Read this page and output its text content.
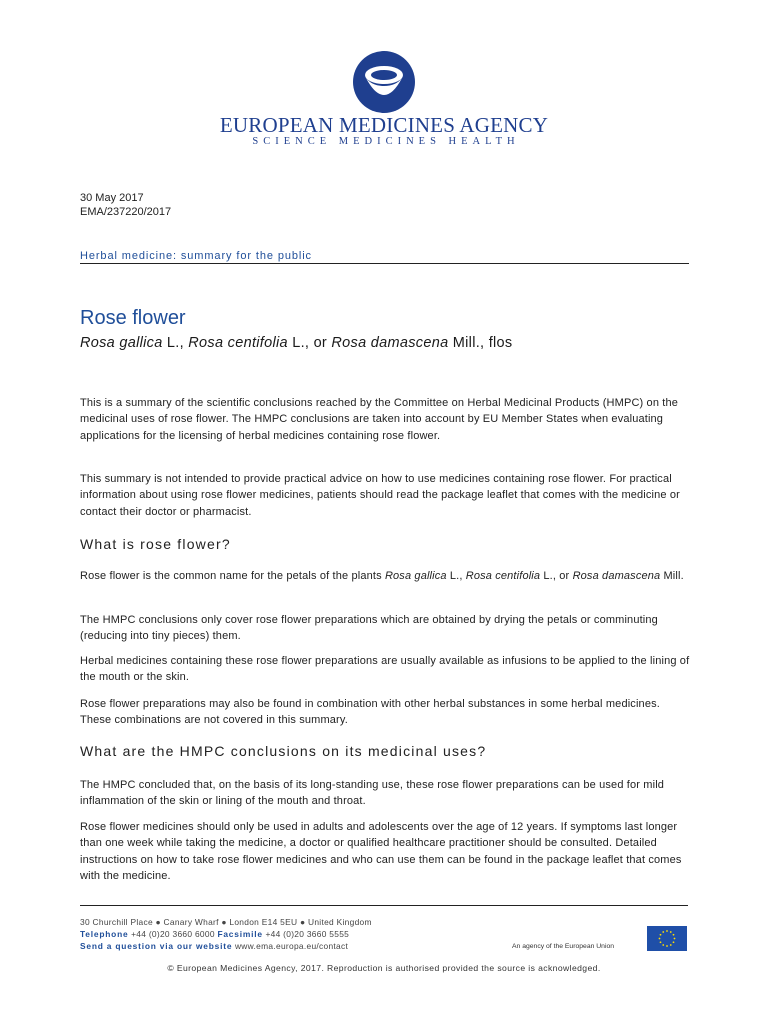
EUROPEAN MEDICINES AGENCY
SCIENCE MEDICINES HEALTH
30 May 2017
EMA/237220/2017
Herbal medicine: summary for the public
Rose flower
Rosa gallica L., Rosa centifolia L., or Rosa damascena Mill., flos

This is a summary of the scientific conclusions reached by the Committee on Herbal Medicinal Products (HMPC) on the medicinal uses of rose flower. The HMPC conclusions are taken into account by EU Member States when evaluating applications for the licensing of herbal medicines containing rose flower.

This summary is not intended to provide practical advice on how to use medicines containing rose flower. For practical information about using rose flower medicines, patients should read the package leaflet that comes with the medicine or contact their doctor or pharmacist.

What is rose flower?

Rose flower is the common name for the petals of the plants Rosa gallica L., Rosa centifolia L., or Rosa damascena Mill.

The HMPC conclusions only cover rose flower preparations which are obtained by drying the petals or comminuting (reducing into tiny pieces) them.

Herbal medicines containing these rose flower preparations are usually available as infusions to be applied to the lining of the mouth or the skin.

Rose flower preparations may also be found in combination with other herbal substances in some herbal medicines. These combinations are not covered in this summary.

What are the HMPC conclusions on its medicinal uses?

The HMPC concluded that, on the basis of its long-standing use, these rose flower preparations can be used for mild inflammation of the skin or lining of the mouth and throat.

Rose flower medicines should only be used in adults and adolescents over the age of 12 years. If symptoms last longer than one week while taking the medicine, a doctor or qualified healthcare practitioner should be consulted. Detailed instructions on how to take rose flower medicines and who can use them can be found in the package leaflet that comes with the medicine.

30 Churchill Place ● Canary Wharf ● London E14 5EU ● United Kingdom
Telephone +44 (0)20 3660 6000 Facsimile +44 (0)20 3660 5555
Send a question via our website www.ema.europa.eu/contact	An agency of the European Union
© European Medicines Agency, 2017. Reproduction is authorised provided the source is acknowledged.
